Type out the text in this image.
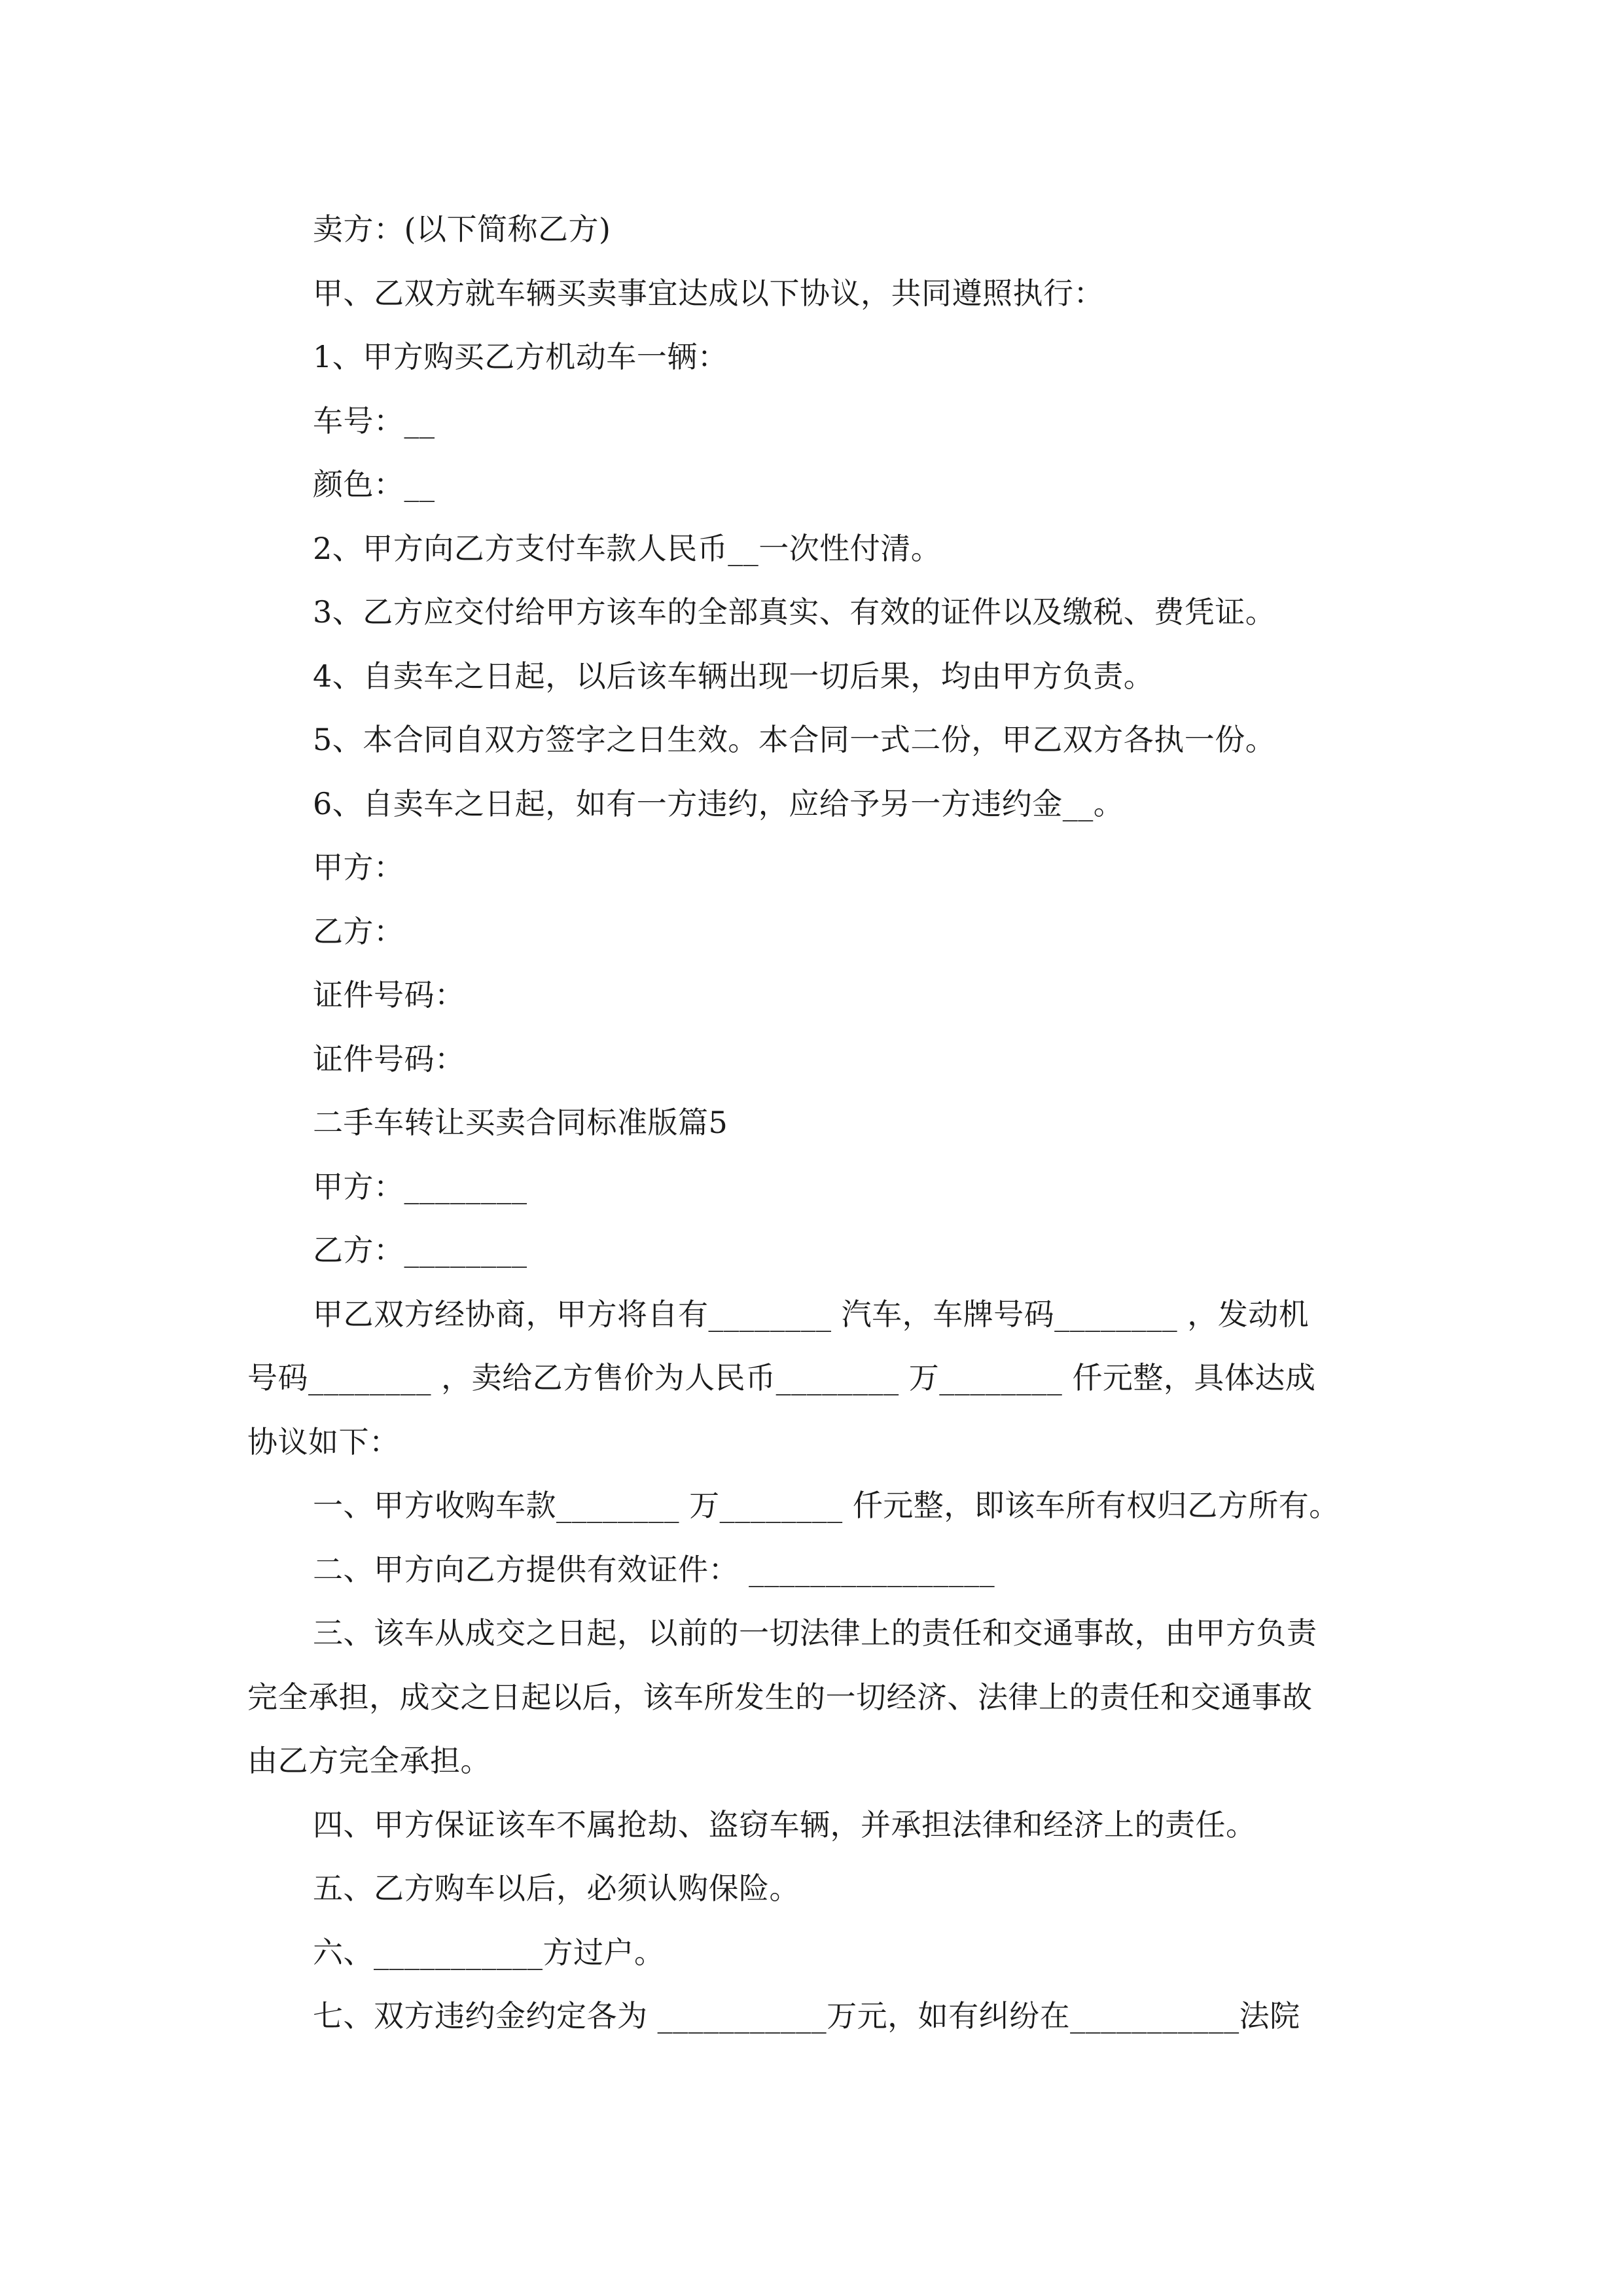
卖方：(以下简称乙方)
甲、乙双方就车辆买卖事宜达成以下协议，共同遵照执行：
1、甲方购买乙方机动车一辆：
车号：__
颜色：__
2、甲方向乙方支付车款人民币__一次性付清。
3、乙方应交付给甲方该车的全部真实、有效的证件以及缴税、费凭证。
4、自卖车之日起，以后该车辆出现一切后果，均由甲方负责。
5、本合同自双方签字之日生效。本合同一式二份，甲乙双方各执一份。
6、自卖车之日起，如有一方违约，应给予另一方违约金__。
甲方：
乙方：
证件号码：
证件号码：
二手车转让买卖合同标准版篇5
甲方：________
乙方：________
甲乙双方经协商，甲方将自有________ 汽车，车牌号码________ ，发动机
号码________ ，卖给乙方售价为人民币________ 万________ 仟元整，具体达成
协议如下：
一、甲方收购车款________ 万________ 仟元整，即该车所有权归乙方所有。
二、甲方向乙方提供有效证件： ________________
三、该车从成交之日起，以前的一切法律上的责任和交通事故，由甲方负责
完全承担，成交之日起以后，该车所发生的一切经济、法律上的责任和交通事故
由乙方完全承担。
四、甲方保证该车不属抢劫、盗窃车辆，并承担法律和经济上的责任。
五、乙方购车以后，必须认购保险。
六、___________方过户。
七、双方违约金约定各为 ___________万元，如有纠纷在___________法院
